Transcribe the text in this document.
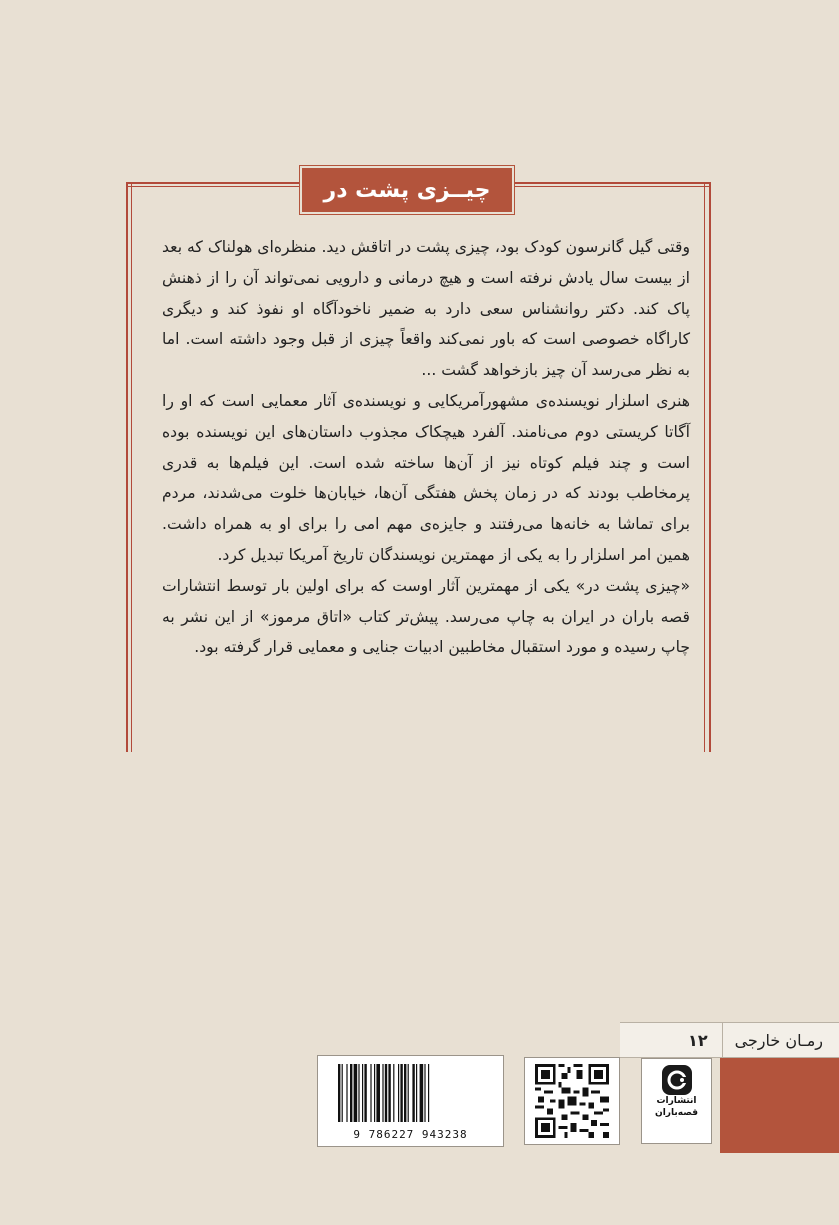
چیــزی پشت در

وقتی گیل گانرسون کودک بود، چیزی پشت در اتاقش دید. منظره‌ای هولناک که بعد از بیست سال یادش نرفته است و هیچ درمانی و دارویی نمی‌تواند آن را از ذهنش پاک کند. دکتر روانشناس سعی دارد به ضمیر ناخودآگاه او نفوذ کند و دیگری کاراگاه خصوصی است که باور نمی‌کند واقعاً چیزی از قبل وجود داشته است. اما به نظر می‌رسد آن چیز بازخواهد گشت ...

هنری اسلزار نویسنده‌ی مشهورآمریکایی و نویسنده‌ی آثار معمایی است که او را آگاتا کریستی دوم می‌نامند. آلفرد هیچکاک مجذوب داستان‌های این نویسنده بوده است و چند فیلم کوتاه نیز از آن‌ها ساخته شده است. این فیلم‌ها به قدری پرمخاطب بودند که در زمان پخش هفتگی آن‌ها، خیابان‌ها خلوت می‌شدند، مردم برای تماشا به خانه‌ها می‌رفتند و جایزه‌ی مهم امی را برای او به همراه داشت. همین امر اسلزار را به یکی از مهمترین نویسندگان تاریخ آمریکا تبدیل کرد.

«چیزی پشت در» یکی از مهمترین آثار اوست که برای اولین بار توسط انتشارات قصه باران در ایران به چاپ می‌رسد. پیش‌تر کتاب «اتاق مرموز» از این نشر به چاپ رسیده و مورد استقبال مخاطبین ادبیات جنایی و معمایی قرار گرفته بود.

رمـان خارجی
۱۲
انتشارات
قصه‌باران
9 786227 943238
